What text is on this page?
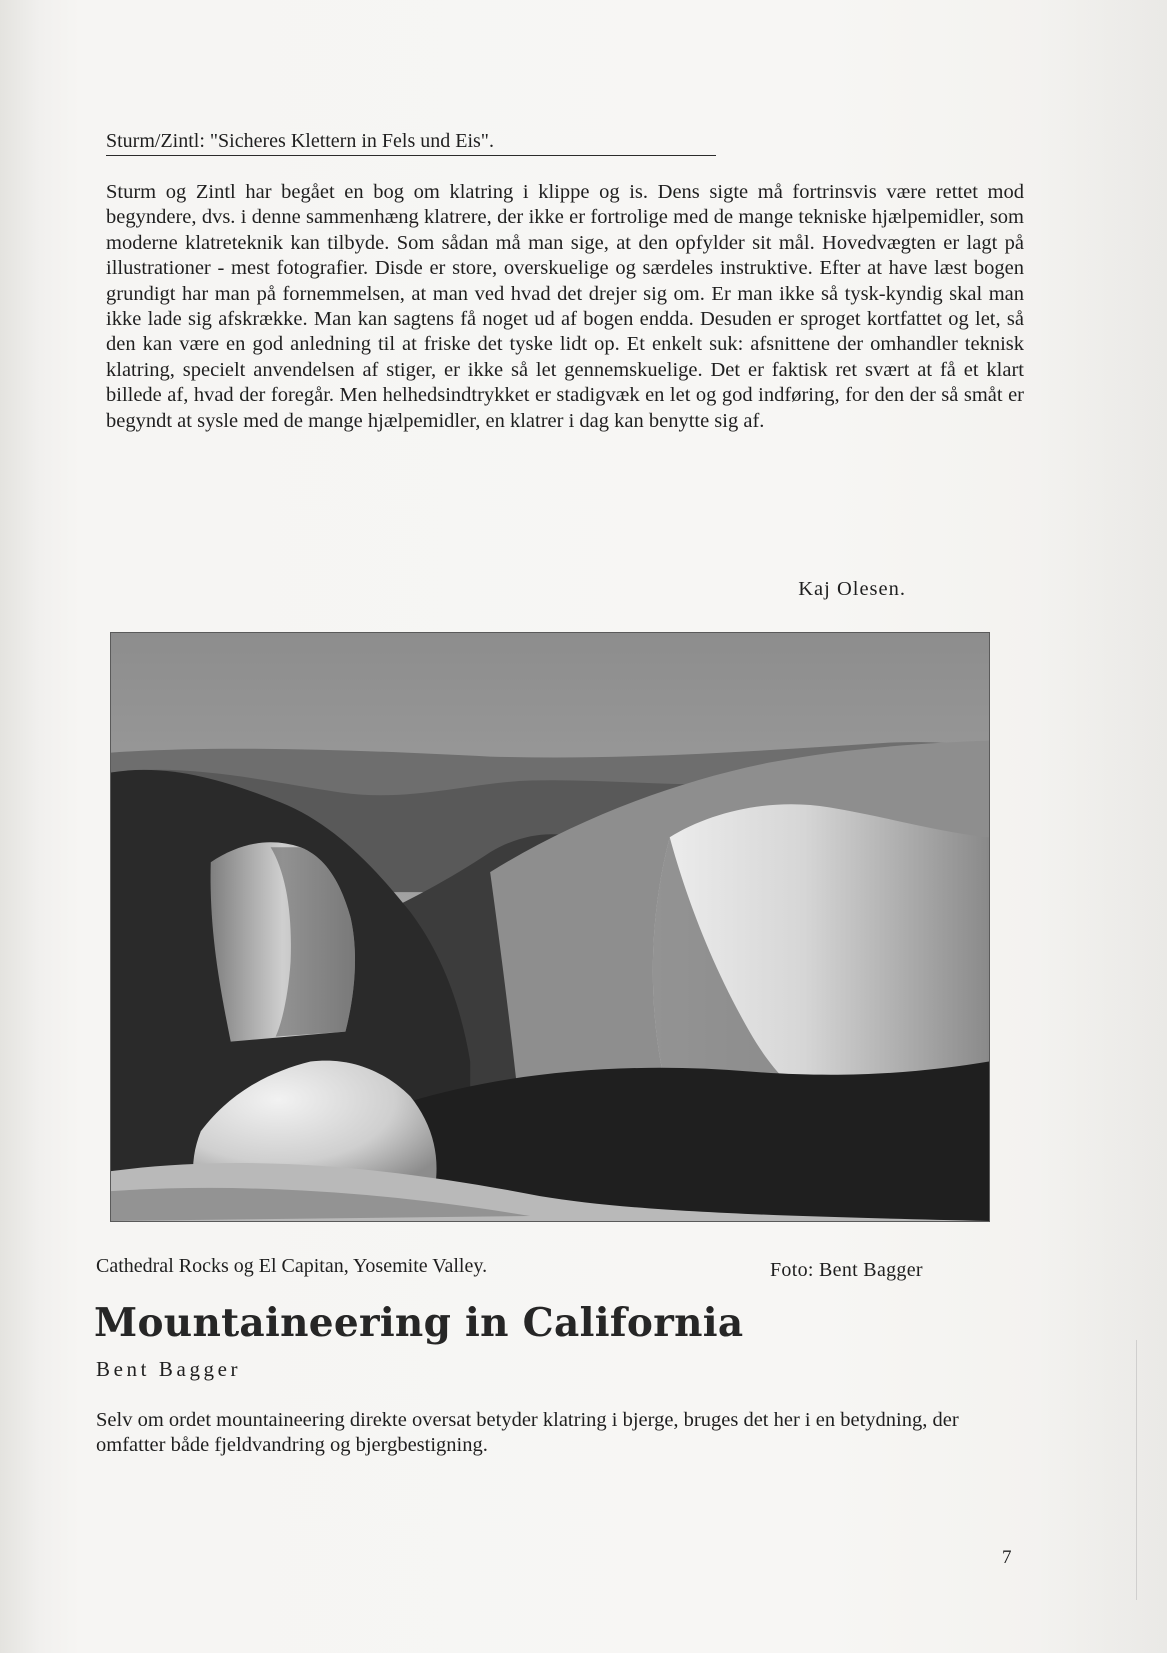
Sturm/Zintl: "Sicheres Klettern in Fels und Eis".

Sturm og Zintl har begået en bog om klatring i klippe og is. Dens sigte må fortrinsvis være rettet mod begyndere, dvs. i denne sammenhæng klatrere, der ikke er fortrolige med de mange tekniske hjælpemidler, som moderne klatreteknik kan tilbyde. Som sådan må man sige, at den opfylder sit mål. Hovedvægten er lagt på illustrationer - mest fotografier. Disde er store, overskuelige og særdeles instruktive. Efter at have læst bogen grundigt har man på fornemmelsen, at man ved hvad det drejer sig om. Er man ikke så tysk-kyndig skal man ikke lade sig afskrække. Man kan sagtens få noget ud af bogen endda. Desuden er sproget kortfattet og let, så den kan være en god anledning til at friske det tyske lidt op. Et enkelt suk: afsnittene der omhandler teknisk klatring, specielt anvendelsen af stiger, er ikke så let gennemskuelige. Det er faktisk ret svært at få et klart billede af, hvad der foregår. Men helhedsindtrykket er stadigvæk en let og god indføring, for den der så småt er begyndt at sysle med de mange hjælpemidler, en klatrer i dag kan benytte sig af.

Kaj Olesen.
Cathedral Rocks og El Capitan, Yosemite Valley.	Foto: Bent Bagger
Mountaineering in California
Bent Bagger

Selv om ordet mountaineering direkte oversat betyder klatring i bjerge, bruges det her i en betydning, der omfatter både fjeldvandring og bjergbestigning.

7
